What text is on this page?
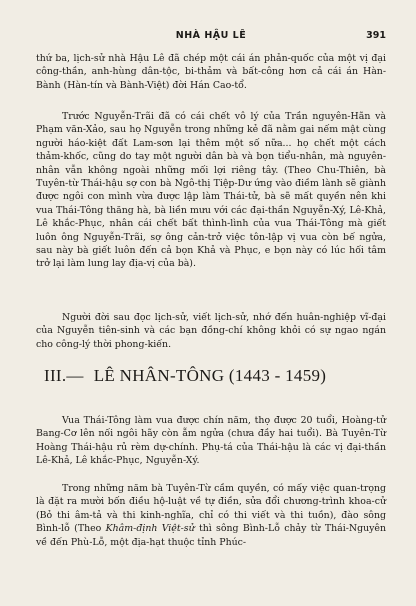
NHÀ HẬU LÊ	391

thứ ba, lịch-sử nhà Hậu Lê đã chép một cái án phản-quốc của một vị đại công-thần, anh-hùng dân-tộc, bi-thảm và bất-công hơn cả cái án Hàn-Bành (Hàn-tín và Bành-Việt) đời Hán Cao-tổ.

Trước Nguyễn-Trãi đã có cái chết vô lý của Trần nguyên-Hãn và Phạm văn-Xảo, sau họ Nguyễn trong những kẻ đã nằm gai nếm mật cùng người háo-kiệt đất Lam-sơn lại thêm một số nữa... họ chết một cách thảm-khốc, cũng do tay một người dân bà và bọn tiểu-nhân, mà nguyên-nhân vẫn không ngoài những mối lợi riêng tây. (Theo Chu-Thiên, bà Tuyên-từ Thái-hậu sợ con bà Ngô-thị Tiệp-Dư ứng vào điềm lành sẽ giành được ngôi con mình vừa được lập làm Thái-tử, bà sẽ mất quyền nên khi vua Thái-Tông thăng hà, bà liền mưu với các đại-thần Nguyễn-Xý, Lê-Khả, Lê khắc-Phục, nhân cái chết bất thình-lình của vua Thái-Tông mà giết luôn ông Nguyễn-Trãi, sợ ông cản-trở việc tôn-lập vị vua còn bế ngửa, sau này bà giết luôn đến cả bọn Khả và Phục, e bọn này có lúc hối tâm trở lại làm lung lay địa-vị của bà).

Người đời sau đọc lịch-sử, viết lịch-sử, nhớ đến huân-nghiệp vĩ-đại của Nguyễn tiên-sinh và các bạn đồng-chí không khỏi có sự ngao ngán cho công-lý thời phong-kiến.

III.— LÊ NHÂN-TÔNG (1443 - 1459)

Vua Thái-Tông làm vua được chín năm, thọ được 20 tuổi, Hoàng-tử Bang-Cơ lên nối ngôi hãy còn ẵm ngửa (chưa đầy hai tuổi). Bà Tuyên-Từ Hoàng Thái-hậu rủ rèm dự-chính. Phụ-tá của Thái-hậu là các vị đại-thần Lê-Khả, Lê khắc-Phục, Nguyễn-Xý.

Trong những năm bà Tuyên-Từ cầm quyền, có mấy việc quan-trọng là đặt ra mười bốn điều hộ-luật về tự điền, sửa đổi chương-trình khoa-cử (Bỏ thi âm-tả và thi kinh-nghĩa, chỉ có thi viết và thi tuồn), đào sông Bình-lỗ (Theo Khâm-định Việt-sử thì sông Bình-Lỗ chảy từ Thái-Nguyên về đến Phù-Lỗ, một địa-hạt thuộc tỉnh Phúc-
